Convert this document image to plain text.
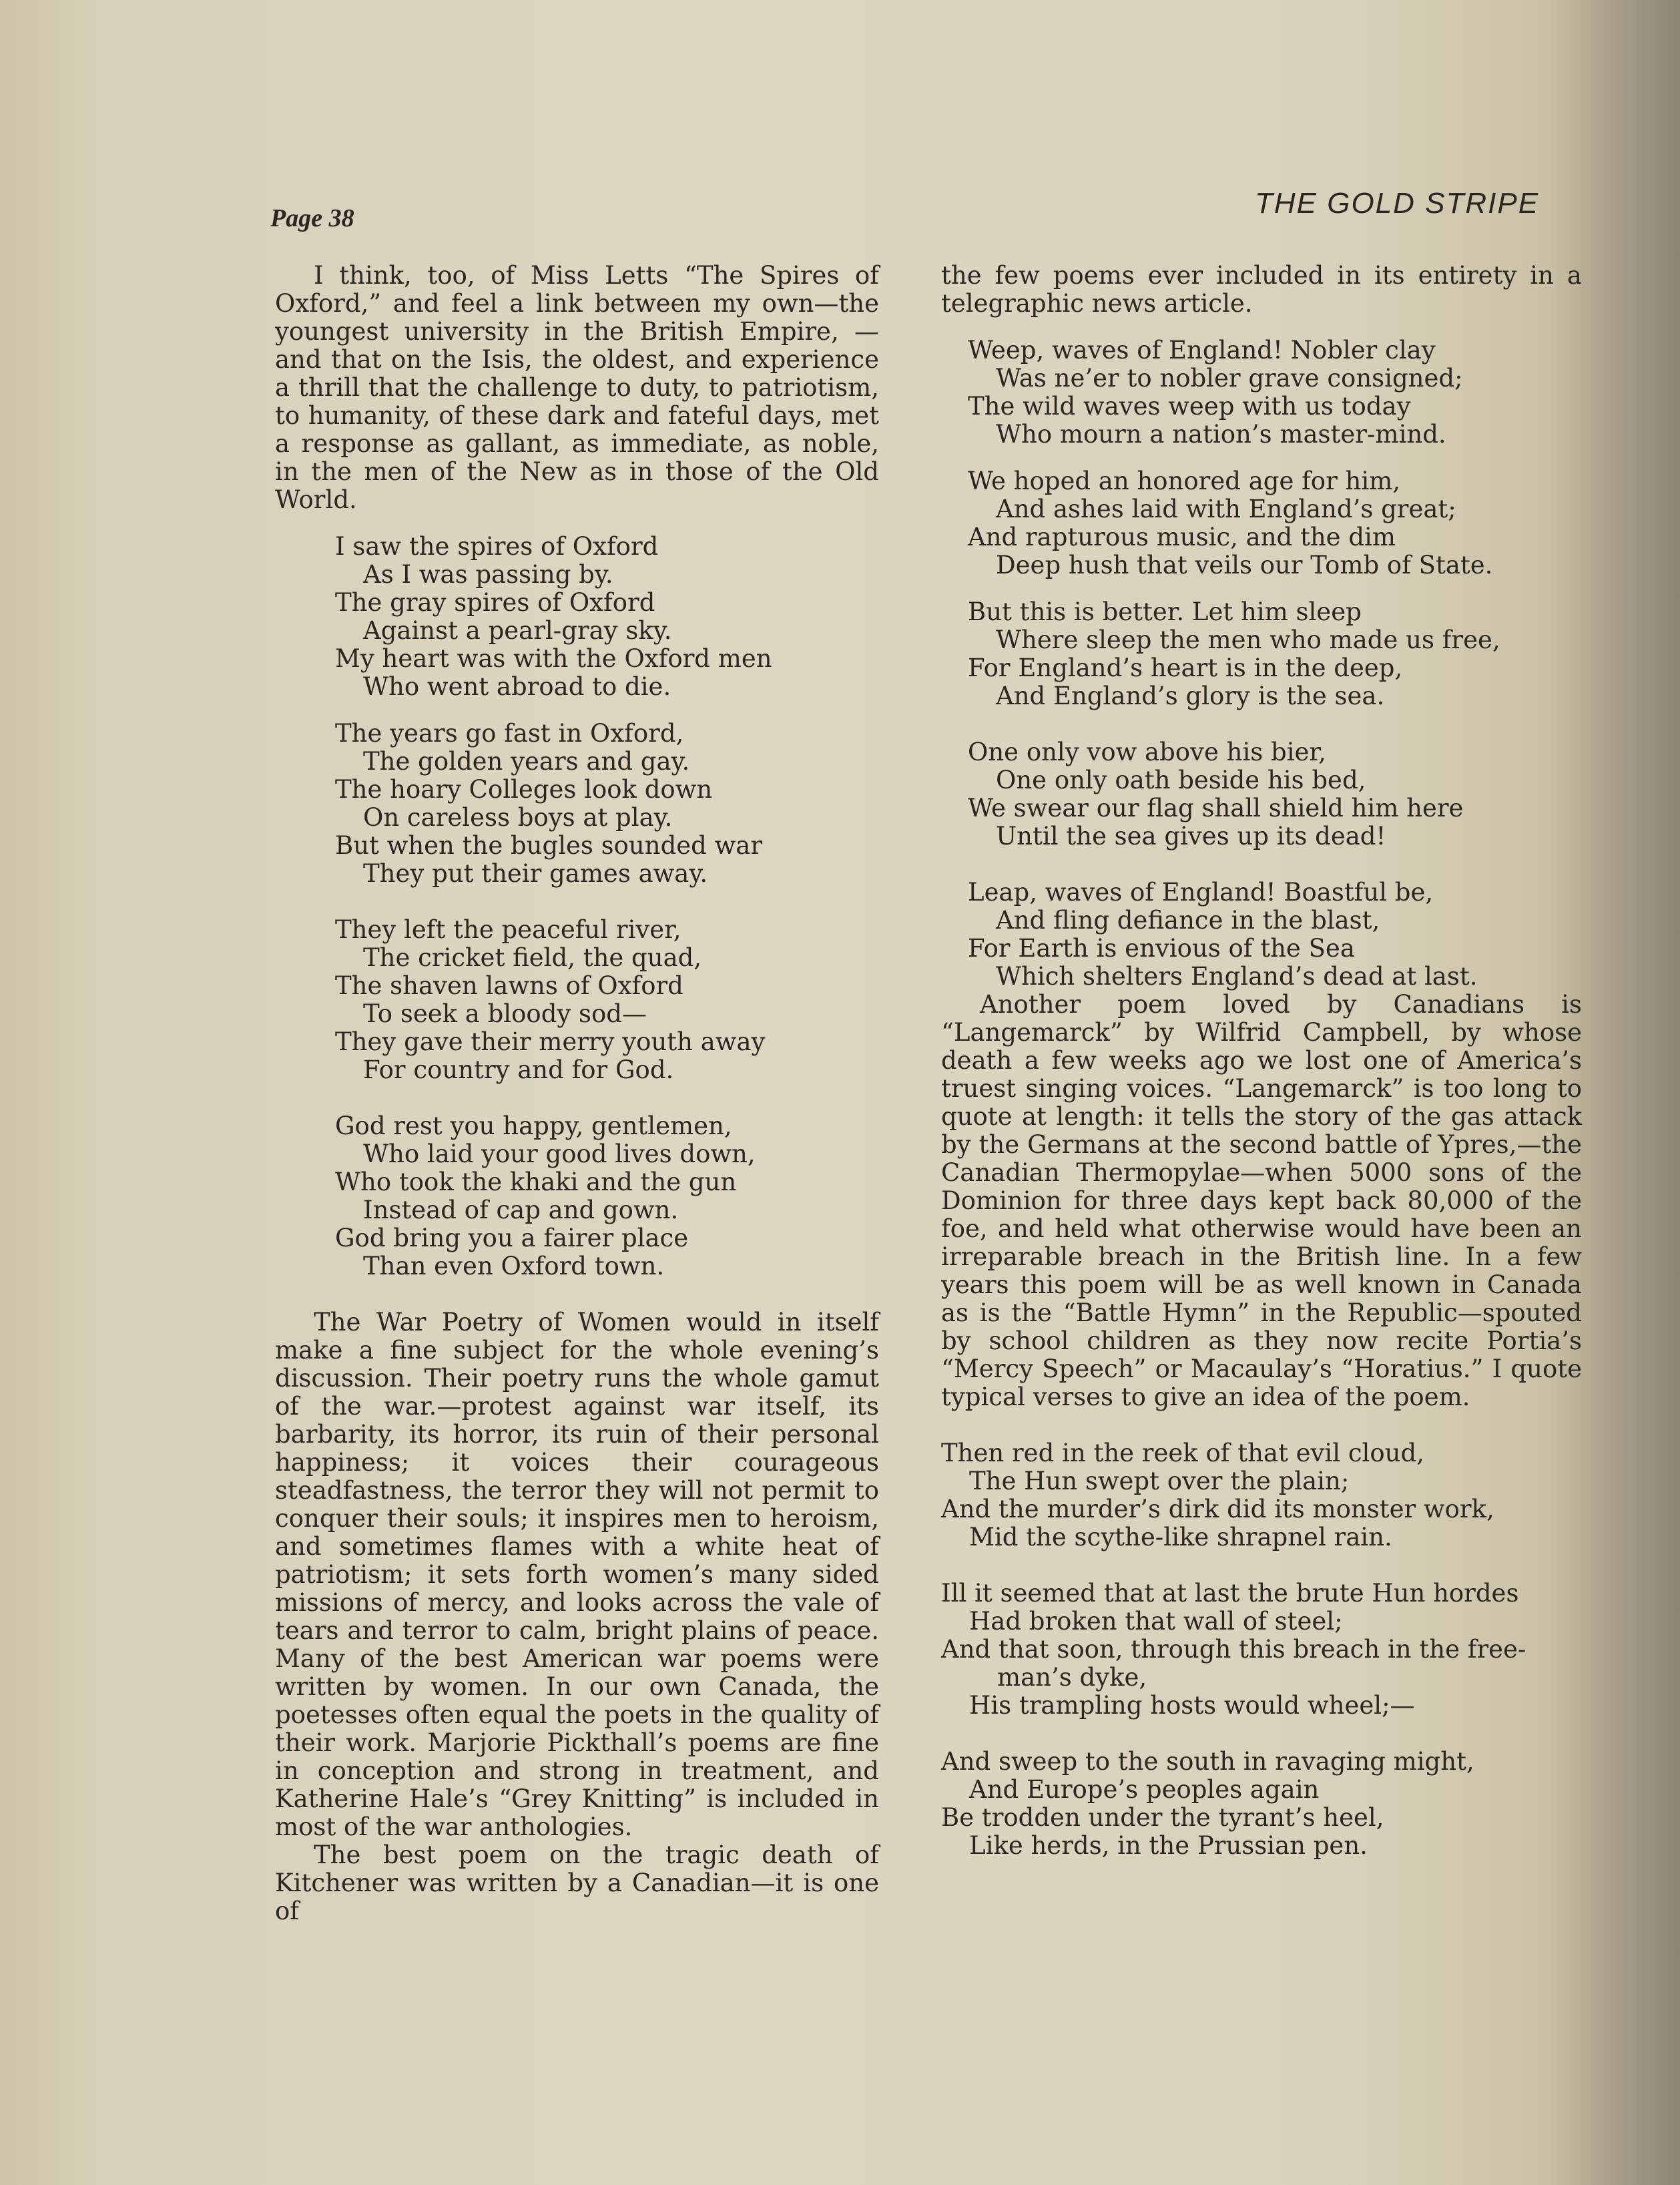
Page 38	THE GOLD STRIPE

I think, too, of Miss Letts “The Spires of Oxford,” and feel a link between my own—the youngest university in the British Empire, —and that on the Isis, the oldest, and experience a thrill that the challenge to duty, to patriotism, to humanity, of these dark and fateful days, met a response as gallant, as immediate, as noble, in the men of the New as in those of the Old World.

I saw the spires of Oxford
As I was passing by.
The gray spires of Oxford
Against a pearl-gray sky.
My heart was with the Oxford men
Who went abroad to die.
The years go fast in Oxford,
The golden years and gay.
The hoary Colleges look down
On careless boys at play.
But when the bugles sounded war
They put their games away.
They left the peaceful river,
The cricket field, the quad,
The shaven lawns of Oxford
To seek a bloody sod—
They gave their merry youth away
For country and for God.
God rest you happy, gentlemen,
Who laid your good lives down,
Who took the khaki and the gun
Instead of cap and gown.
God bring you a fairer place
Than even Oxford town.

The War Poetry of Women would in itself make a fine subject for the whole evening’s discussion. Their poetry runs the whole gamut of the war.—protest against war itself, its barbarity, its horror, its ruin of their personal happiness; it voices their courageous steadfastness, the terror they will not permit to conquer their souls; it inspires men to heroism, and sometimes flames with a white heat of patriotism; it sets forth women’s many sided missions of mercy, and looks across the vale of tears and terror to calm, bright plains of peace. Many of the best American war poems were written by women. In our own Canada, the poetesses often equal the poets in the quality of their work. Marjorie Pickthall’s poems are fine in conception and strong in treatment, and Katherine Hale’s “Grey Knitting” is included in most of the war anthologies.

The best poem on the tragic death of Kitchener was written by a Canadian—it is one of

the few poems ever included in its entirety in a telegraphic news article.

Weep, waves of England! Nobler clay
Was ne’er to nobler grave consigned;
The wild waves weep with us today
Who mourn a nation’s master-mind.
We hoped an honored age for him,
And ashes laid with England’s great;
And rapturous music, and the dim
Deep hush that veils our Tomb of State.
But this is better. Let him sleep
Where sleep the men who made us free,
For England’s heart is in the deep,
And England’s glory is the sea.
One only vow above his bier,
One only oath beside his bed,
We swear our flag shall shield him here
Until the sea gives up its dead!
Leap, waves of England! Boastful be,
And fling defiance in the blast,
For Earth is envious of the Sea
Which shelters England’s dead at last.

Another poem loved by Canadians is “Langemarck” by Wilfrid Campbell, by whose death a few weeks ago we lost one of America’s truest singing voices. “Langemarck” is too long to quote at length: it tells the story of the gas attack by the Germans at the second battle of Ypres,—the Canadian Thermopylae—when 5000 sons of the Dominion for three days kept back 80,000 of the foe, and held what otherwise would have been an irreparable breach in the British line. In a few years this poem will be as well known in Canada as is the “Battle Hymn” in the Republic—spouted by school children as they now recite Portia’s “Mercy Speech” or Macaulay’s “Horatius.” I quote typical verses to give an idea of the poem.

Then red in the reek of that evil cloud,
The Hun swept over the plain;
And the murder’s dirk did its monster work,
Mid the scythe-like shrapnel rain.
Ill it seemed that at last the brute Hun hordes
Had broken that wall of steel;
And that soon, through this breach in the free-
man’s dyke,
His trampling hosts would wheel;—
And sweep to the south in ravaging might,
And Europe’s peoples again
Be trodden under the tyrant’s heel,
Like herds, in the Prussian pen.
